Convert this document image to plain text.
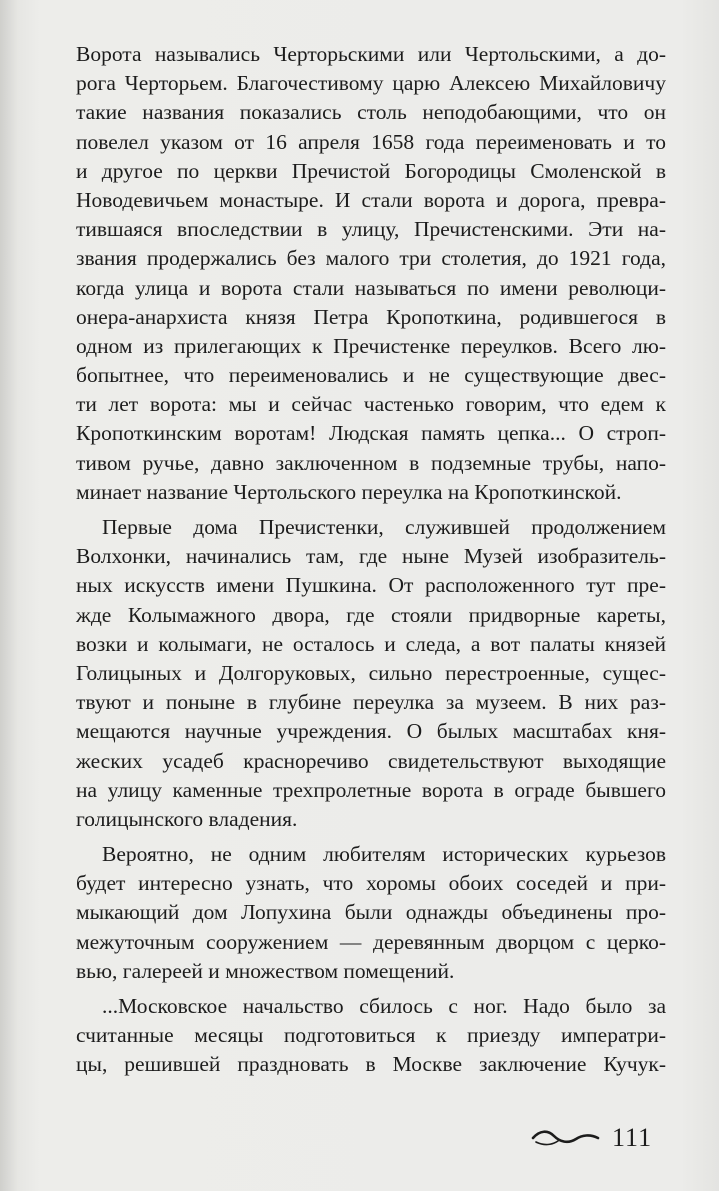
Ворота назывались Черторьскими или Чертольскими, а до-
рога Черторьем. Благочестивому царю Алексею Михайловичу
такие названия показались столь неподобающими, что он
повелел указом от 16 апреля 1658 года переименовать и то
и другое по церкви Пречистой Богородицы Смоленской в
Новодевичьем монастыре. И стали ворота и дорога, превра-
тившаяся впоследствии в улицу, Пречистенскими. Эти на-
звания продержались без малого три столетия, до 1921 года,
когда улица и ворота стали называться по имени революци-
онера-анархиста князя Петра Кропоткина, родившегося в
одном из прилегающих к Пречистенке переулков. Всего лю-
бопытнее, что переименовались и не существующие двес-
ти лет ворота: мы и сейчас частенько говорим, что едем к
Кропоткинским воротам! Людская память цепка... О строп-
тивом ручье, давно заключенном в подземные трубы, напо-
минает название Чертольского переулка на Кропоткинской.
Первые дома Пречистенки, служившей продолжением
Волхонки, начинались там, где ныне Музей изобразитель-
ных искусств имени Пушкина. От расположенного тут пре-
жде Колымажного двора, где стояли придворные кареты,
возки и колымаги, не осталось и следа, а вот палаты князей
Голицыных и Долгоруковых, сильно перестроенные, сущес-
твуют и поныне в глубине переулка за музеем. В них раз-
мещаются научные учреждения. О былых масштабах кня-
жеских усадеб красноречиво свидетельствуют выходящие
на улицу каменные трехпролетные ворота в ограде бывшего
голицынского владения.
Вероятно, не одним любителям исторических курьезов
будет интересно узнать, что хоромы обоих соседей и при-
мыкающий дом Лопухина были однажды объединены про-
межуточным сооружением — деревянным дворцом с церко-
вью, галереей и множеством помещений.
...Московское начальство сбилось с ног. Надо было за
считанные месяцы подготовиться к приезду императри-
цы, решившей праздновать в Москве заключение Кучук-
111
